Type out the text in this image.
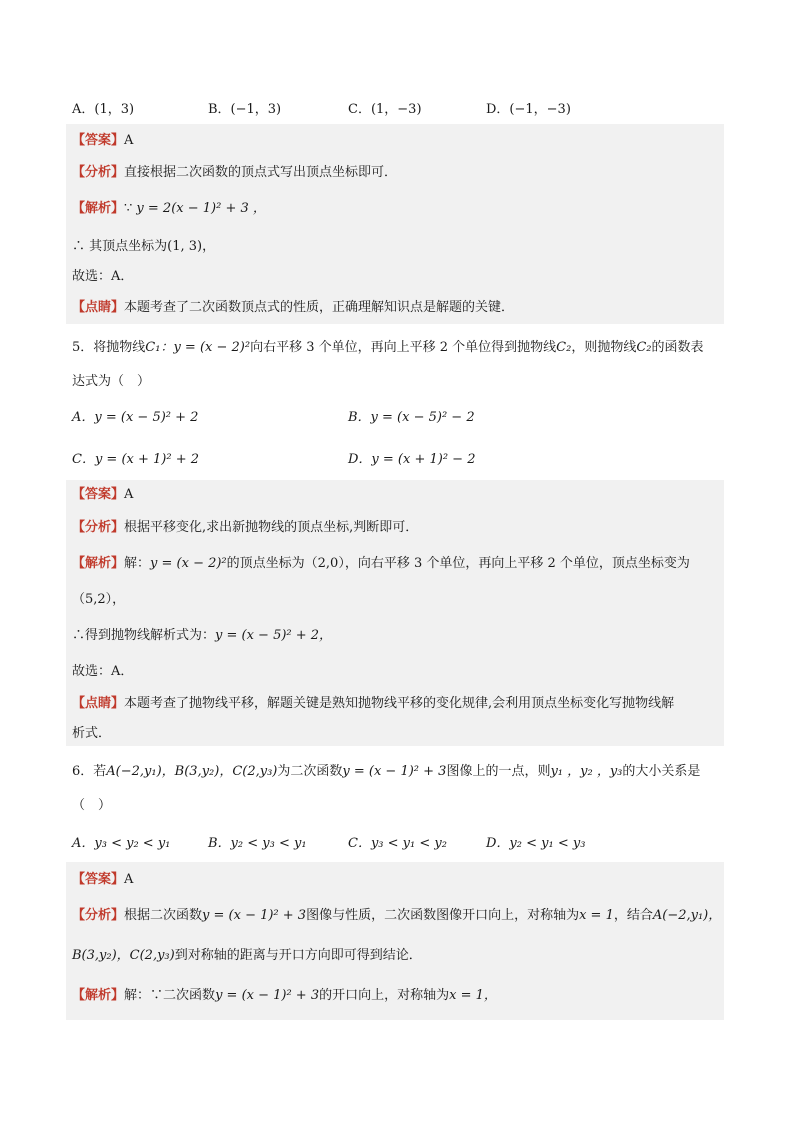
A．(1，3)	B．(−1，3)	C．(1，−3)	D．(−1，−3)
【答案】A
【分析】直接根据二次函数的顶点式写出顶点坐标即可．
【解析】∵ y = 2(x − 1)² + 3 ，
∴ 其顶点坐标为(1, 3)，
故选：A．
【点睛】本题考查了二次函数顶点式的性质，正确理解知识点是解题的关键．
5．将抛物线C₁：y = (x − 2)²向右平移 3 个单位，再向上平移 2 个单位得到抛物线C₂，则抛物线C₂的函数表
达式为（　）
A．y = (x − 5)² + 2	B．y = (x − 5)² − 2
C．y = (x + 1)² + 2	D．y = (x + 1)² − 2
【答案】A
【分析】根据平移变化,求出新抛物线的顶点坐标,判断即可．
【解析】解：y = (x − 2)²的顶点坐标为（2,0），向右平移 3 个单位，再向上平移 2 个单位，顶点坐标变为
（5,2），
∴得到抛物线解析式为：y = (x − 5)² + 2，
故选：A．
【点睛】本题考查了抛物线平移，解题关键是熟知抛物线平移的变化规律,会利用顶点坐标变化写抛物线解
析式．
6．若A(−2,y₁)，B(3,y₂)，C(2,y₃)为二次函数y = (x − 1)² + 3图像上的一点，则y₁ ，y₂ ，y₃的大小关系是
（　）
A．y₃ < y₂ < y₁	B．y₂ < y₃ < y₁	C．y₃ < y₁ < y₂	D．y₂ < y₁ < y₃
【答案】A
【分析】根据二次函数y = (x − 1)² + 3图像与性质，二次函数图像开口向上，对称轴为x = 1，结合A(−2,y₁)，
B(3,y₂)，C(2,y₃)到对称轴的距离与开口方向即可得到结论．
【解析】解：∵二次函数y = (x − 1)² + 3的开口向上，对称轴为x = 1，
